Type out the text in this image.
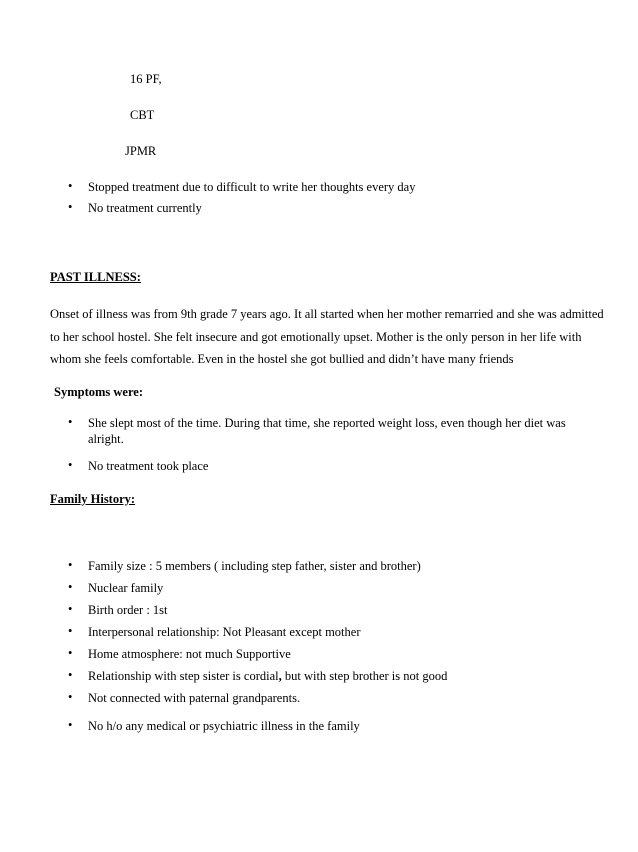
16 PF,
CBT
JPMR
• Stopped treatment due to difficult to write her thoughts every day
• No treatment currently
PAST ILLNESS:
Onset of illness was from 9th grade 7 years ago. It all started when her mother remarried and she was admitted to her school hostel. She felt insecure and got emotionally upset. Mother is the only person in her life with whom she feels comfortable. Even in the hostel she got bullied and didn’t have many friends
Symptoms were:
• She slept most of the time. During that time, she reported weight loss, even though her diet was alright.
• No treatment took place
Family History:
• Family size : 5 members ( including step father, sister and brother)
• Nuclear family
• Birth order : 1st
• Interpersonal relationship: Not Pleasant except mother
• Home atmosphere: not much Supportive
• Relationship with step sister is cordial, but with step brother is not good
• Not connected with paternal grandparents.
• No h/o any medical or psychiatric illness in the family
